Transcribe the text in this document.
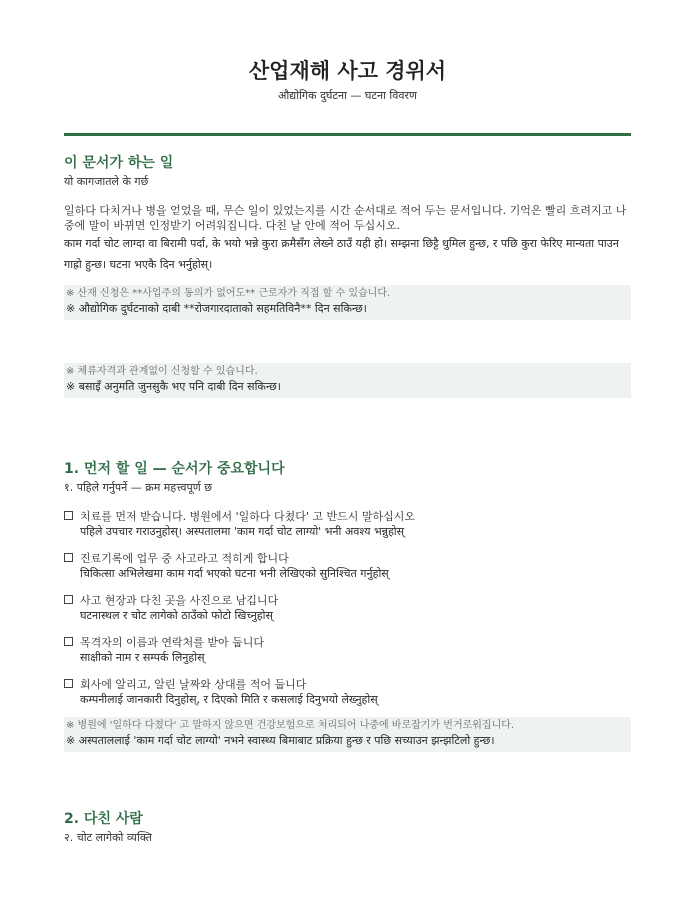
산업재해 사고 경위서
औद्योगिक दुर्घटना — घटना विवरण
이 문서가 하는 일
यो कागजातले के गर्छ
일하다 다치거나 병을 얻었을 때, 무슨 일이 있었는지를 시간 순서대로 적어 두는 문서입니다. 기억은 빨리 흐려지고 나중에 말이 바뀌면 인정받기 어려워집니다. 다친 날 안에 적어 두십시오.
काम गर्दा चोट लाग्दा वा बिरामी पर्दा, के भयो भन्ने कुरा क्रमैसँग लेख्ने ठाउँ यही हो। सम्झना छिट्टै धुमिल हुन्छ, र पछि कुरा फेरिए मान्यता पाउन गाह्रो हुन्छ। घटना भएकै दिन भर्नुहोस्।
※ 산재 신청은 **사업주의 동의가 없어도** 근로자가 직접 할 수 있습니다.
※ औद्योगिक दुर्घटनाको दाबी **रोजगारदाताको सहमतिविनै** दिन सकिन्छ।
※ 체류자격과 관계없이 신청할 수 있습니다.
※ बसाइँ अनुमति जुनसुकै भए पनि दाबी दिन सकिन्छ।
1. 먼저 할 일 — 순서가 중요합니다
१. पहिले गर्नुपर्ने — क्रम महत्त्वपूर्ण छ
치료를 먼저 받습니다. 병원에서 '일하다 다쳤다' 고 반드시 말하십시오
पहिले उपचार गराउनुहोस्। अस्पतालमा 'काम गर्दा चोट लाग्यो' भनी अवश्य भन्नुहोस्
진료기록에 업무 중 사고라고 적히게 합니다
चिकित्सा अभिलेखमा काम गर्दा भएको घटना भनी लेखिएको सुनिश्चित गर्नुहोस्
사고 현장과 다친 곳을 사진으로 남깁니다
घटनास्थल र चोट लागेको ठाउँको फोटो खिच्नुहोस्
목격자의 이름과 연락처를 받아 둡니다
साक्षीको नाम र सम्पर्क लिनुहोस्
회사에 알리고, 알린 날짜와 상대를 적어 둡니다
कम्पनीलाई जानकारी दिनुहोस्, र दिएको मिति र कसलाई दिनुभयो लेख्नुहोस्
※ 병원에 '일하다 다쳤다' 고 말하지 않으면 건강보험으로 처리되어 나중에 바로잡기가 번거로워집니다.
※ अस्पताललाई 'काम गर्दा चोट लाग्यो' नभने स्वास्थ्य बिमाबाट प्रक्रिया हुन्छ र पछि सच्याउन झन्झटिलो हुन्छ।
2. 다친 사람
२. चोट लागेको व्यक्ति
